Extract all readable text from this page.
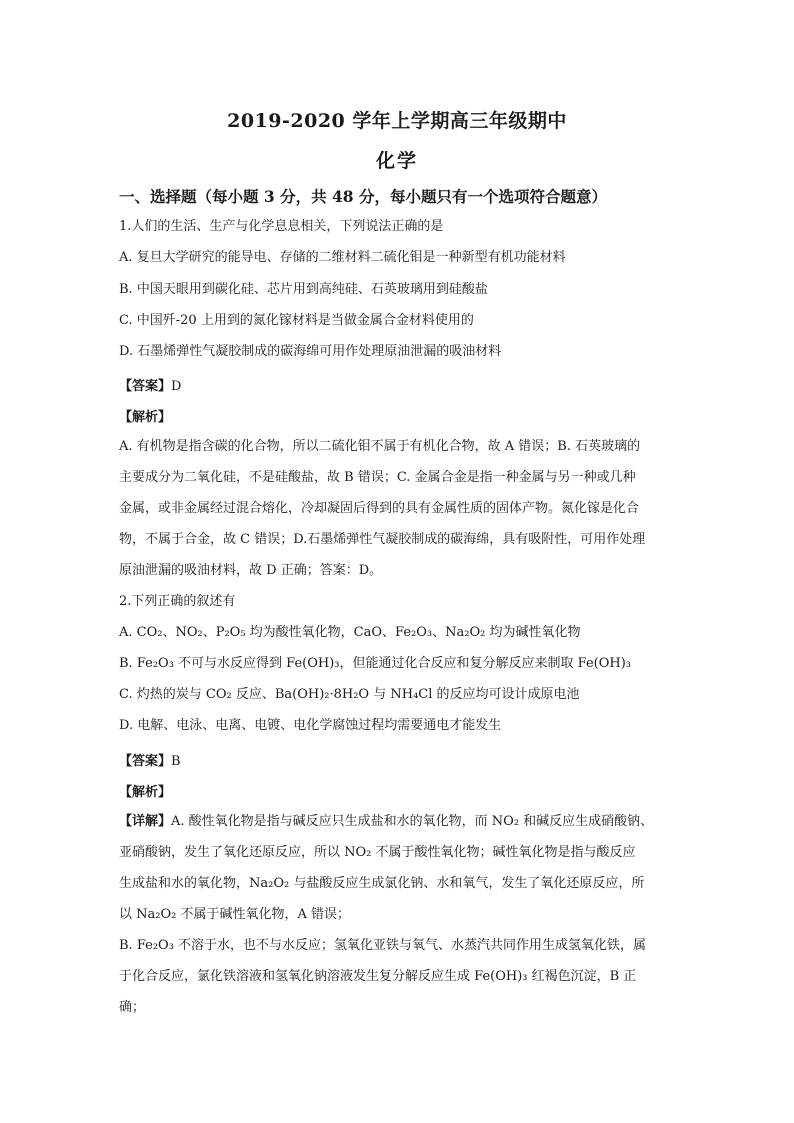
2019-2020 学年上学期高三年级期中
化学
一、选择题（每小题 3 分，共 48 分，每小题只有一个选项符合题意）
1.人们的生活、生产与化学息息相关，下列说法正确的是
A. 复旦大学研究的能导电、存储的二维材料二硫化钼是一种新型有机功能材料
B. 中国天眼用到碳化硅、芯片用到高纯硅、石英玻璃用到硅酸盐
C. 中国歼-20 上用到的氮化镓材料是当做金属合金材料使用的
D. 石墨烯弹性气凝胶制成的碳海绵可用作处理原油泄漏的吸油材料
【答案】D
【解析】
A. 有机物是指含碳的化合物，所以二硫化钼不属于有机化合物，故 A 错误；B. 石英玻璃的
主要成分为二氧化硅，不是硅酸盐，故 B 错误；C. 金属合金是指一种金属与另一种或几种
金属，或非金属经过混合熔化，冷却凝固后得到的具有金属性质的固体产物。氮化镓是化合
物，不属于合金，故 C 错误；D.石墨烯弹性气凝胶制成的碳海绵，具有吸附性，可用作处理
原油泄漏的吸油材料，故 D 正确；答案：D。
2.下列正确的叙述有
A. CO₂、NO₂、P₂O₅ 均为酸性氧化物，CaO、Fe₂O₃、Na₂O₂ 均为碱性氧化物
B. Fe₂O₃ 不可与水反应得到 Fe(OH)₃，但能通过化合反应和复分解反应来制取 Fe(OH)₃
C. 灼热的炭与 CO₂ 反应、Ba(OH)₂·8H₂O 与 NH₄Cl 的反应均可设计成原电池
D. 电解、电泳、电离、电镀、电化学腐蚀过程均需要通电才能发生
【答案】B
【解析】
【详解】A. 酸性氧化物是指与碱反应只生成盐和水的氧化物，而 NO₂ 和碱反应生成硝酸钠、
亚硝酸钠，发生了氧化还原反应，所以 NO₂ 不属于酸性氧化物；碱性氧化物是指与酸反应
生成盐和水的氧化物，Na₂O₂ 与盐酸反应生成氯化钠、水和氧气，发生了氧化还原反应，所
以 Na₂O₂ 不属于碱性氧化物，A 错误；
B. Fe₂O₃ 不溶于水，也不与水反应；氢氧化亚铁与氧气、水蒸汽共同作用生成氢氧化铁，属
于化合反应，氯化铁溶液和氢氧化钠溶液发生复分解反应生成 Fe(OH)₃ 红褐色沉淀，B 正
确；
